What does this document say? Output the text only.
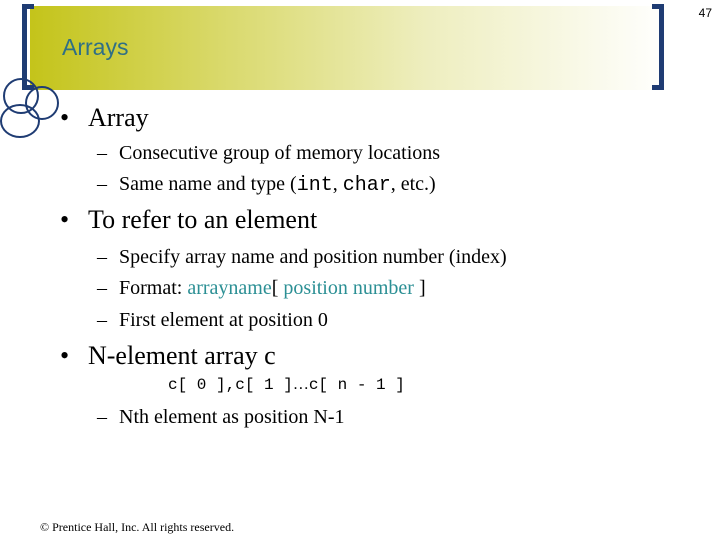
47
Arrays
• Array
– Consecutive group of memory locations
– Same name and type (int, char, etc.)
• To refer to an element
– Specify array name and position number (index)
– Format: arrayname[ position number ]
– First element at position 0
• N-element array c
c[ 0 ],c[ 1 ]…c[ n - 1 ]
– Nth element as position N-1
© Prentice Hall, Inc. All rights reserved.
